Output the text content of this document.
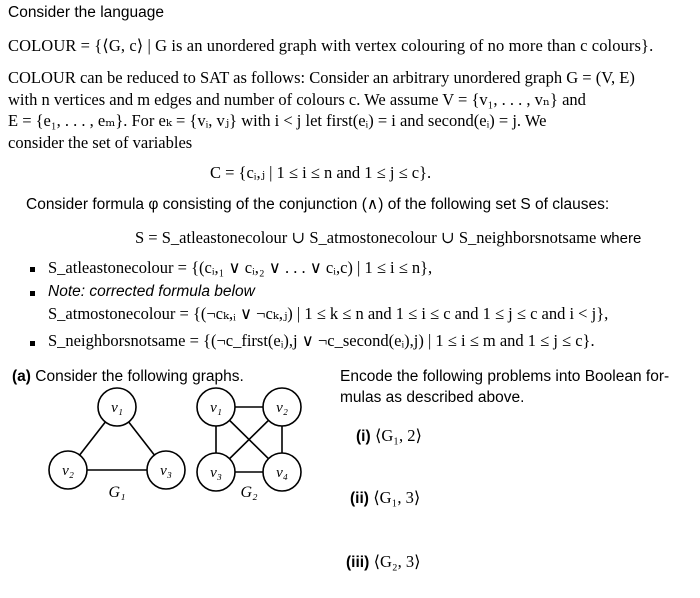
Consider the language
COLOUR = {⟨G, c⟩ | G is an unordered graph with vertex colouring of no more than c colours}.
COLOUR can be reduced to SAT as follows: Consider an arbitrary unordered graph G = (V, E)
with n vertices and m edges and number of colours c. We assume V = {v₁, . . . , vₙ} and
E = {e₁, . . . , eₘ}. For eₖ = {vᵢ, vⱼ} with i < j let first(eᵢ) = i and second(eᵢ) = j. We
consider the set of variables
C = {cᵢ,ⱼ | 1 ≤ i ≤ n and 1 ≤ j ≤ c}.
Consider formula φ consisting of the conjunction (∧) of the following set S of clauses:
S = S_atleastonecolour ∪ S_atmostonecolour ∪ S_neighborsnotsame where
S_atleastonecolour = {(cᵢ,₁ ∨ cᵢ,₂ ∨ . . . ∨ cᵢ,c) | 1 ≤ i ≤ n},
Note: corrected formula below
S_atmostonecolour = {(¬cₖ,ᵢ ∨ ¬cₖ,ⱼ) | 1 ≤ k ≤ n and 1 ≤ i ≤ c and 1 ≤ j ≤ c and i < j},
S_neighborsnotsame = {(¬c_first(eᵢ),j ∨ ¬c_second(eᵢ),j) | 1 ≤ i ≤ m and 1 ≤ j ≤ c}.
(a) Consider the following graphs.	Encode the following problems into Boolean for-
mulas as described above.
(i) ⟨G₁, 2⟩
(ii) ⟨G₁, 3⟩
(iii) ⟨G₂, 3⟩
v₁
v₂	v₃
v₁	v₂
v₃	v₄
G₁	G₂
